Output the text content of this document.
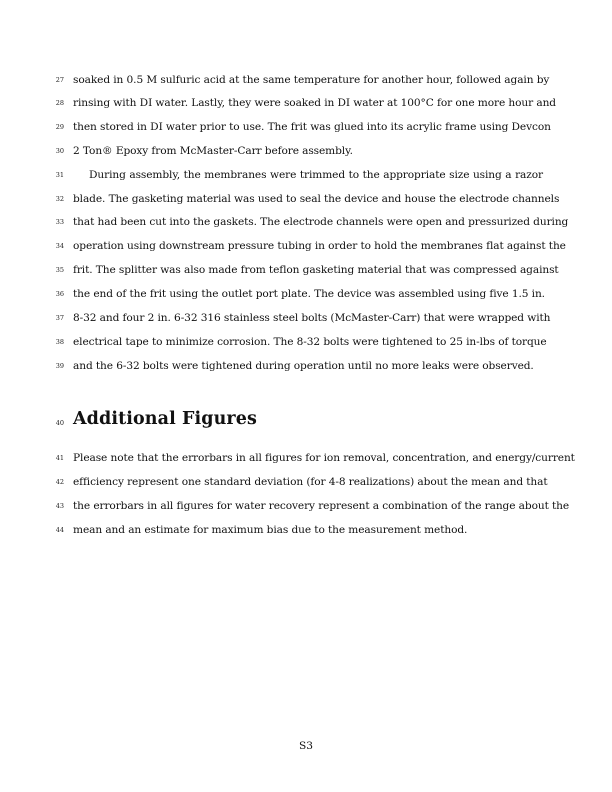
27 soaked in 0.5 M sulfuric acid at the same temperature for another hour, followed again by
28 rinsing with DI water. Lastly, they were soaked in DI water at 100°C for one more hour and
29 then stored in DI water prior to use. The frit was glued into its acrylic frame using Devcon
30 2 Ton® Epoxy from McMaster-Carr before assembly.
31 During assembly, the membranes were trimmed to the appropriate size using a razor
32 blade. The gasketing material was used to seal the device and house the electrode channels
33 that had been cut into the gaskets. The electrode channels were open and pressurized during
34 operation using downstream pressure tubing in order to hold the membranes flat against the
35 frit. The splitter was also made from teflon gasketing material that was compressed against
36 the end of the frit using the outlet port plate. The device was assembled using five 1.5 in.
37 8-32 and four 2 in. 6-32 316 stainless steel bolts (McMaster-Carr) that were wrapped with
38 electrical tape to minimize corrosion. The 8-32 bolts were tightened to 25 in-lbs of torque
39 and the 6-32 bolts were tightened during operation until no more leaks were observed.
40 Additional Figures
41 Please note that the errorbars in all figures for ion removal, concentration, and energy/current
42 efficiency represent one standard deviation (for 4-8 realizations) about the mean and that
43 the errorbars in all figures for water recovery represent a combination of the range about the
44 mean and an estimate for maximum bias due to the measurement method.
S3
